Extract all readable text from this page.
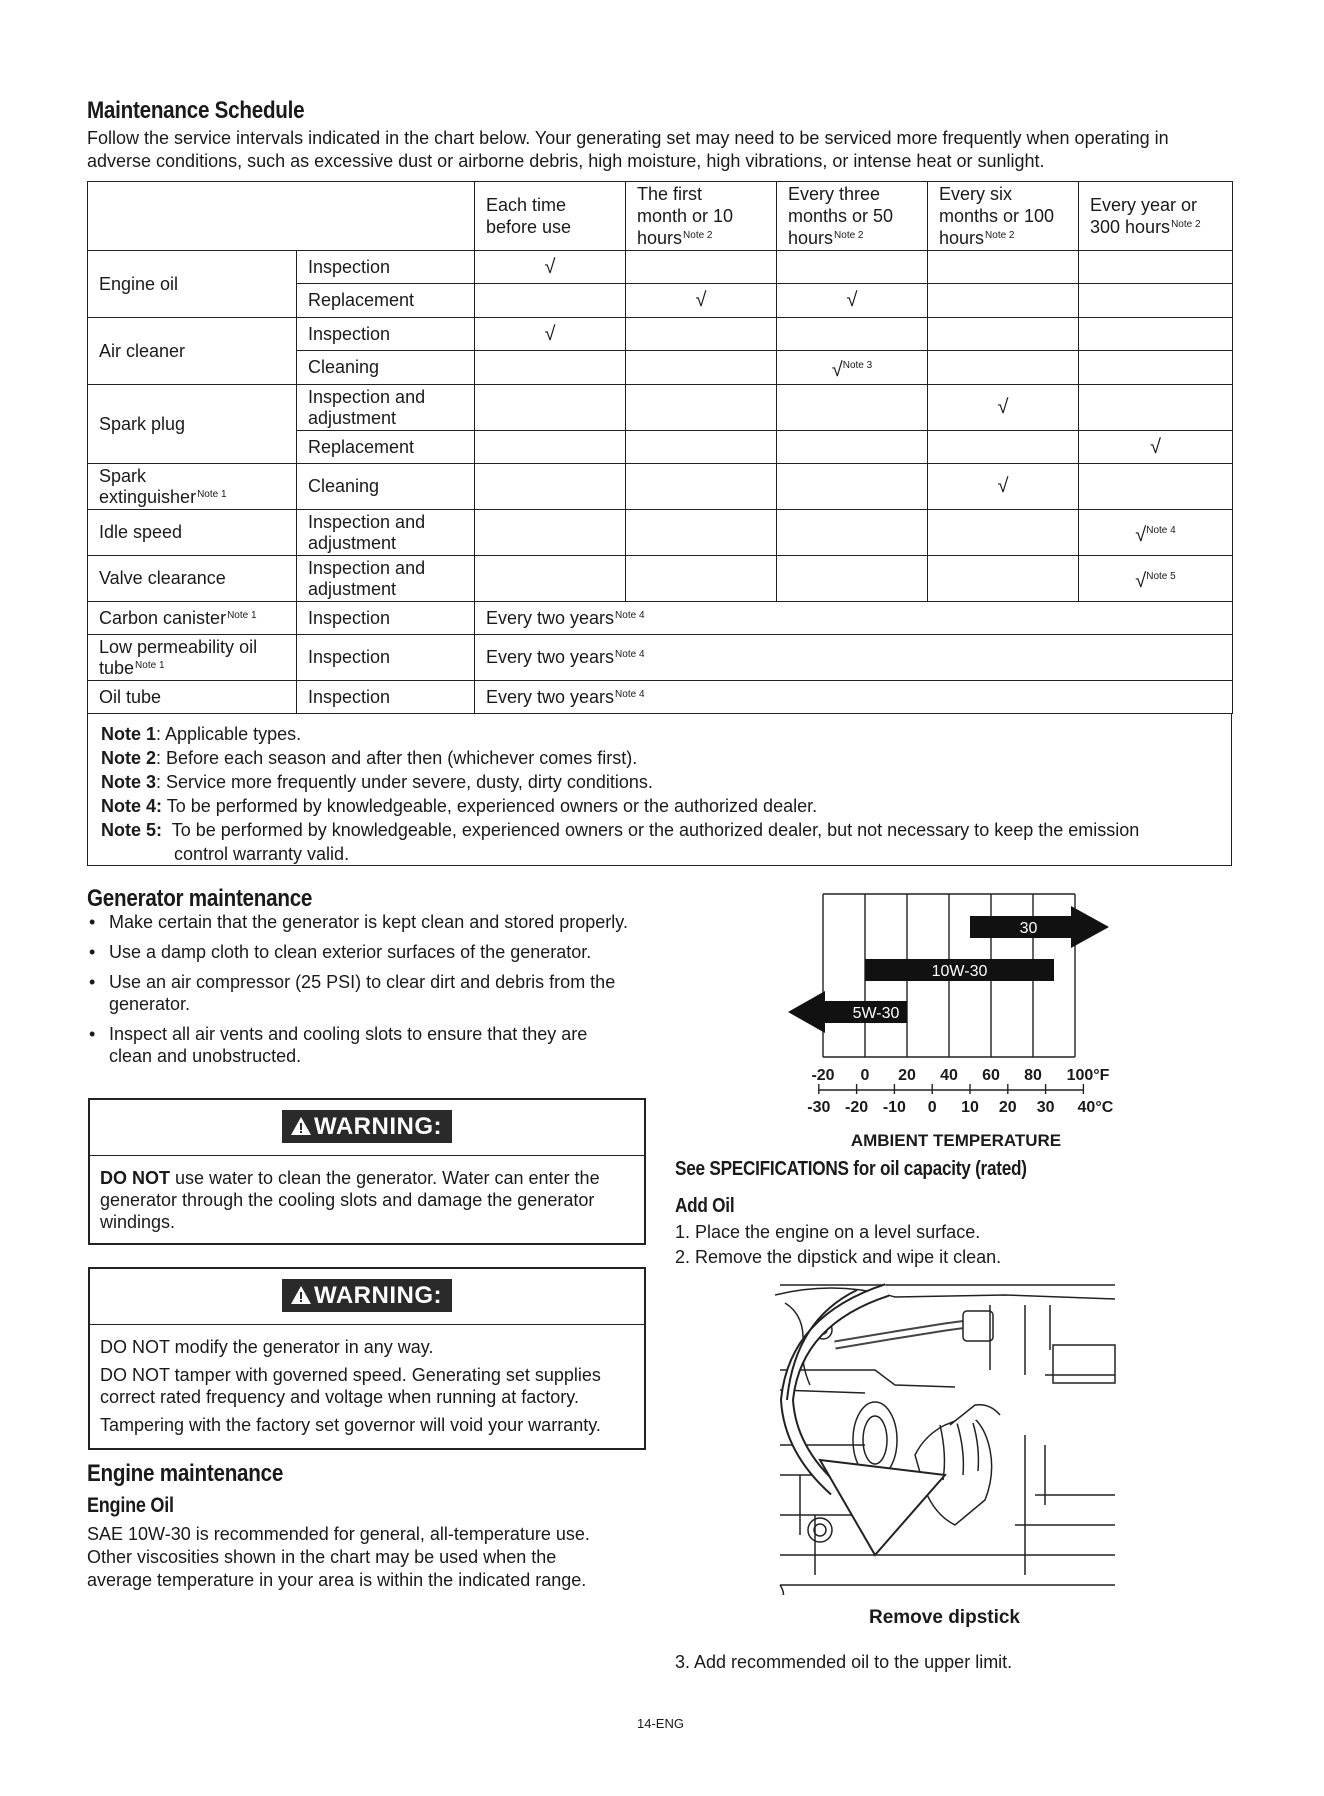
Maintenance Schedule
Follow the service intervals indicated in the chart below. Your generating set may need to be serviced more frequently when operating in
adverse conditions, such as excessive dust or airborne debris, high moisture, high vibrations, or intense heat or sunlight.
		Each time
before use	The first
month or 10
hours$^{Note 2}$	Every three
months or 50
hours$^{Note 2}$	Every six
months or 100
hours$^{Note 2}$	Every year or
300 hours$^{Note 2}$
Engine oil	Inspection	√				
	Replacement		√	√		
Air cleaner	Inspection	√				
	Cleaning			√$^{Note 3}$		
Spark plug	Inspection and
adjustment				√	
	Replacement					√
Spark
extinguisher$^{Note 1}$	Cleaning				√	
Idle speed	Inspection and
adjustment					√$^{Note 4}$
Valve clearance	Inspection and
adjustment					√$^{Note 5}$
Carbon canister$^{Note 1}$	Inspection	Every two years$^{Note 4}$
Low permeability oil
tube$^{Note 1}$	Inspection	Every two years$^{Note 4}$
Oil tube	Inspection	Every two years$^{Note 4}$
Note 1: Applicable types.
Note 2: Before each season and after then (whichever comes first).
Note 3: Service more frequently under severe, dusty, dirty conditions.
Note 4: To be performed by knowledgeable, experienced owners or the authorized dealer.
Note 5:  To be performed by knowledgeable, experienced owners or the authorized dealer, but not necessary to keep the emission
control warranty valid.
Generator maintenance
• Make certain that the generator is kept clean and stored properly.
• Use a damp cloth to clean exterior surfaces of the generator.
• Use an air compressor (25 PSI) to clear dirt and debris from the generator.
• Inspect all air vents and cooling slots to ensure that they are clean and unobstructed.
WARNING:
DO NOT use water to clean the generator. Water can enter the generator through the cooling slots and damage the generator windings.
WARNING:

DO NOT modify the generator in any way.

DO NOT tamper with governed speed. Generating set supplies correct rated frequency and voltage when running at factory.

Tampering with the factory set governor will void your warranty.

Engine maintenance
Engine Oil
SAE 10W-30 is recommended for general, all-temperature use.
Other viscosities shown in the chart may be used when the
average temperature in your area is within the indicated range.
30
10W-30
5W-30
-20 0 20 40 60 80 100°F
-30 -20 -10 0 10 20 30 40°C
AMBIENT TEMPERATURE
See SPECIFICATIONS for oil capacity (rated)
Add Oil
1. Place the engine on a level surface.
2. Remove the dipstick and wipe it clean.
Remove dipstick
3. Add recommended oil to the upper limit.
14-ENG
